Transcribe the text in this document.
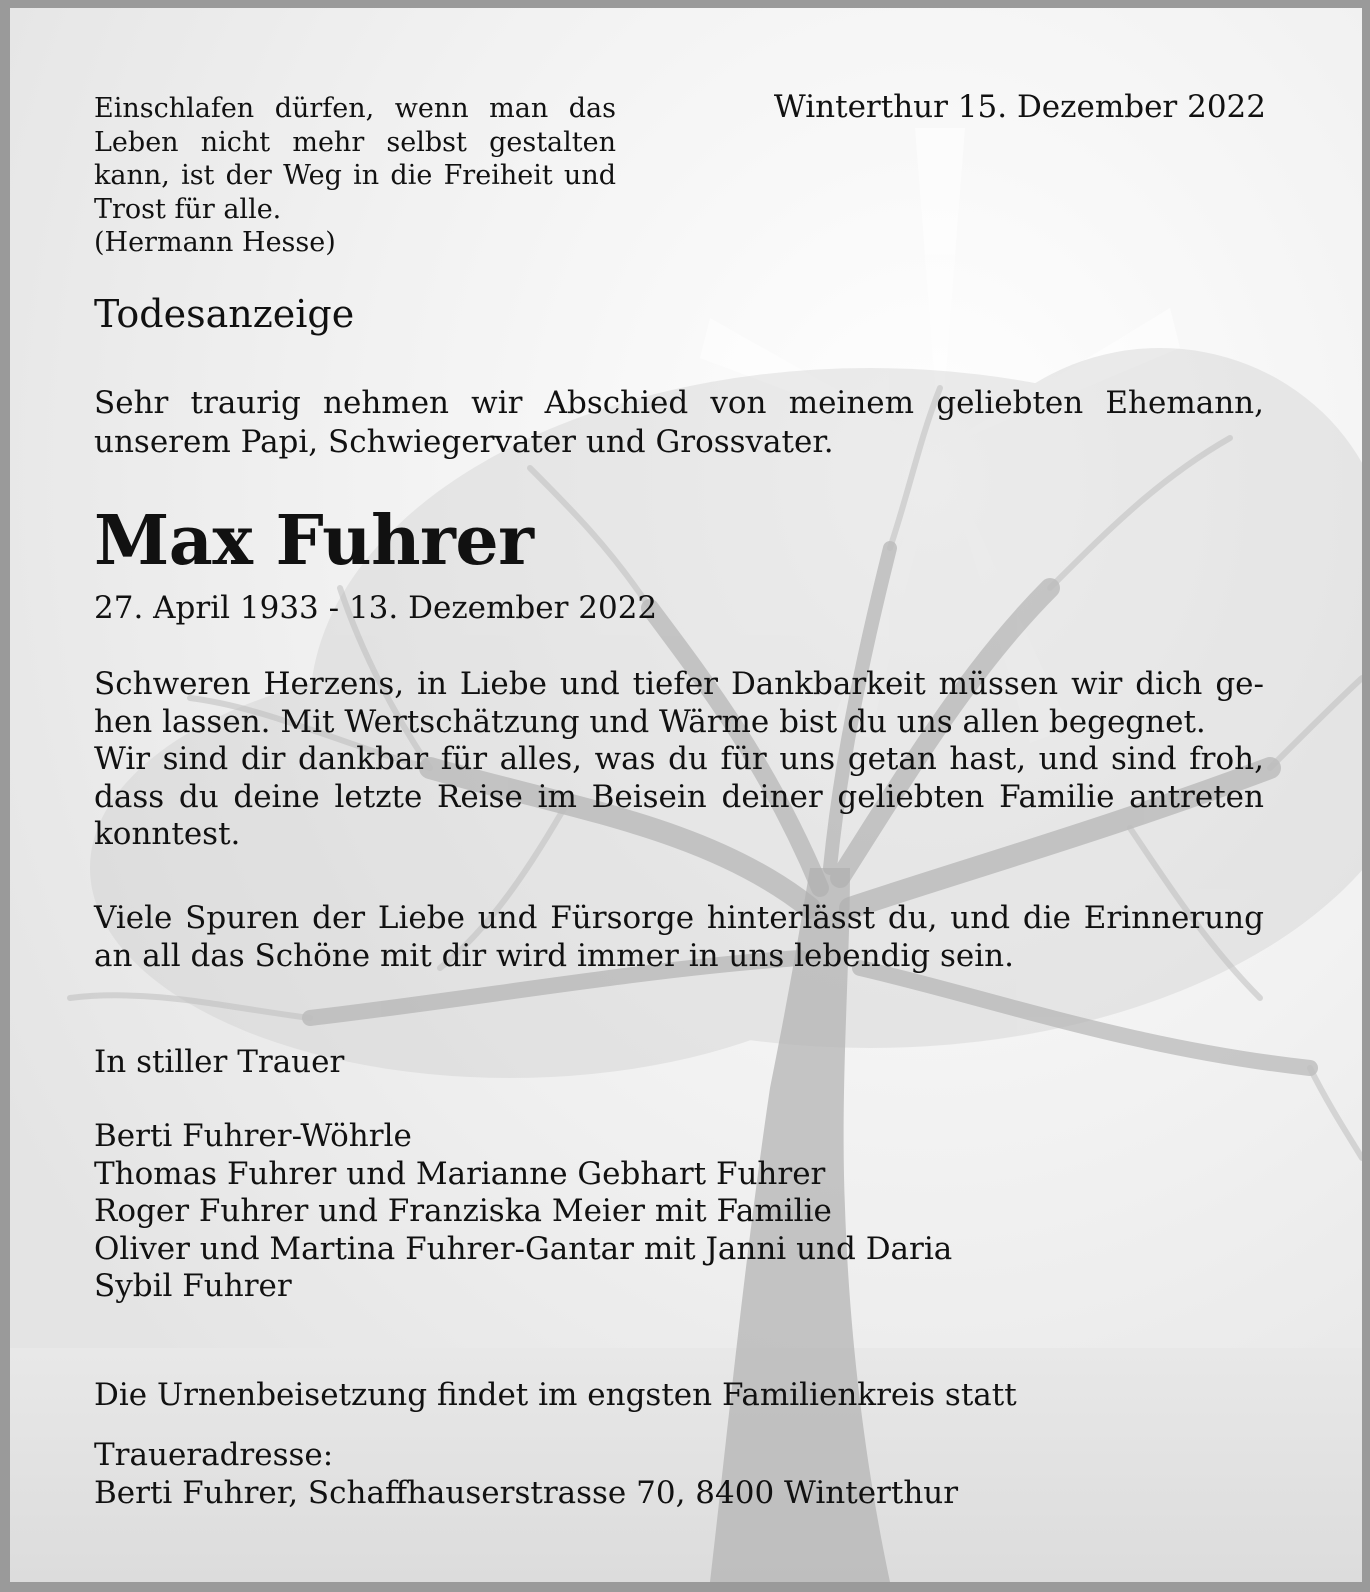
Einschlafen dürfen, wenn man das
Leben nicht mehr selbst gestalten
kann, ist der Weg in die Freiheit und
Trost für alle.
(Hermann Hesse)

Winterthur 15. Dezember 2022

Todesanzeige

Sehr traurig nehmen wir Abschied von meinem geliebten Ehemann,
unserem Papi, Schwiegervater und Grossvater.

Max Fuhrer

27. April 1933 - 13. Dezember 2022

Schweren Herzens, in Liebe und tiefer Dankbarkeit müssen wir dich ge-
hen lassen. Mit Wertschätzung und Wärme bist du uns allen begegnet.
Wir sind dir dankbar für alles, was du für uns getan hast, und sind froh,
dass du deine letzte Reise im Beisein deiner geliebten Familie antreten
konntest.

Viele Spuren der Liebe und Fürsorge hinterlässt du, und die Erinnerung
an all das Schöne mit dir wird immer in uns lebendig sein.

In stiller Trauer

Berti Fuhrer-Wöhrle
Thomas Fuhrer und Marianne Gebhart Fuhrer
Roger Fuhrer und Franziska Meier mit Familie
Oliver und Martina Fuhrer-Gantar mit Janni und Daria
Sybil Fuhrer

Die Urnenbeisetzung findet im engsten Familienkreis statt

Traueradresse:
Berti Fuhrer, Schaffhauserstrasse 70, 8400 Winterthur
